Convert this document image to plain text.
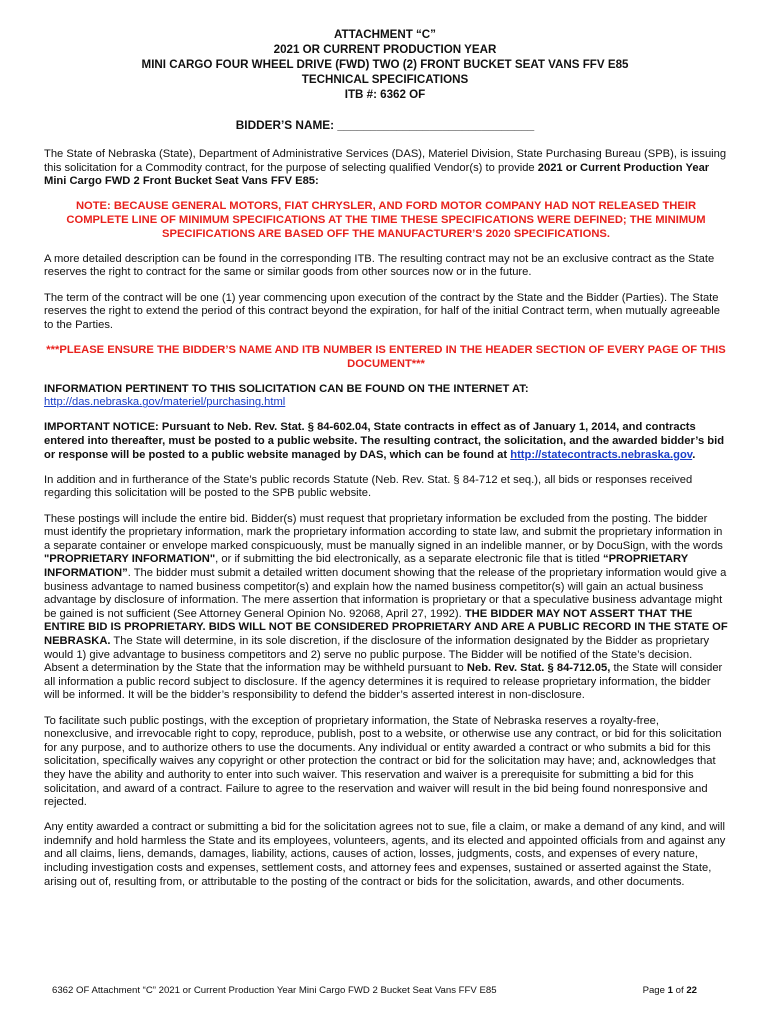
ATTACHMENT “C”
2021 OR CURRENT PRODUCTION YEAR
MINI CARGO FOUR WHEEL DRIVE (FWD) TWO (2) FRONT BUCKET SEAT VANS FFV E85
TECHNICAL SPECIFICATIONS
ITB #: 6362 OF
BIDDER’S NAME: ______________________________

The State of Nebraska (State), Department of Administrative Services (DAS), Materiel Division, State Purchasing Bureau (SPB), is issuing this solicitation for a Commodity contract, for the purpose of selecting qualified Vendor(s) to provide 2021 or Current Production Year Mini Cargo FWD 2 Front Bucket Seat Vans FFV E85:

NOTE: BECAUSE GENERAL MOTORS, FIAT CHRYSLER, AND FORD MOTOR COMPANY HAD NOT RELEASED THEIR COMPLETE LINE OF MINIMUM SPECIFICATIONS AT THE TIME THESE SPECIFICATIONS WERE DEFINED; THE MINIMUM SPECIFICATIONS ARE BASED OFF THE MANUFACTURER’S 2020 SPECIFICATIONS.

A more detailed description can be found in the corresponding ITB. The resulting contract may not be an exclusive contract as the State reserves the right to contract for the same or similar goods from other sources now or in the future.

The term of the contract will be one (1) year commencing upon execution of the contract by the State and the Bidder (Parties). The State reserves the right to extend the period of this contract beyond the expiration, for half of the initial Contract term, when mutually agreeable to the Parties.

***PLEASE ENSURE THE BIDDER’S NAME AND ITB NUMBER IS ENTERED IN THE HEADER SECTION OF EVERY PAGE OF THIS DOCUMENT***

INFORMATION PERTINENT TO THIS SOLICITATION CAN BE FOUND ON THE INTERNET AT:
http://das.nebraska.gov/materiel/purchasing.html

IMPORTANT NOTICE: Pursuant to Neb. Rev. Stat. § 84-602.04, State contracts in effect as of January 1, 2014, and contracts entered into thereafter, must be posted to a public website. The resulting contract, the solicitation, and the awarded bidder’s bid or response will be posted to a public website managed by DAS, which can be found at http://statecontracts.nebraska.gov.

In addition and in furtherance of the State’s public records Statute (Neb. Rev. Stat. § 84-712 et seq.), all bids or responses received regarding this solicitation will be posted to the SPB public website.

These postings will include the entire bid. Bidder(s) must request that proprietary information be excluded from the posting. The bidder must identify the proprietary information, mark the proprietary information according to state law, and submit the proprietary information in a separate container or envelope marked conspicuously, must be manually signed in an indelible manner, or by DocuSign, with the words "PROPRIETARY INFORMATION", or if submitting the bid electronically, as a separate electronic file that is titled “PROPRIETARY INFORMATION”. The bidder must submit a detailed written document showing that the release of the proprietary information would give a business advantage to named business competitor(s) and explain how the named business competitor(s) will gain an actual business advantage by disclosure of information. The mere assertion that information is proprietary or that a speculative business advantage might be gained is not sufficient (See Attorney General Opinion No. 92068, April 27, 1992). THE BIDDER MAY NOT ASSERT THAT THE ENTIRE BID IS PROPRIETARY. BIDS WILL NOT BE CONSIDERED PROPRIETARY AND ARE A PUBLIC RECORD IN THE STATE OF NEBRASKA. The State will determine, in its sole discretion, if the disclosure of the information designated by the Bidder as proprietary would 1) give advantage to business competitors and 2) serve no public purpose. The Bidder will be notified of the State’s decision. Absent a determination by the State that the information may be withheld pursuant to Neb. Rev. Stat. § 84-712.05, the State will consider all information a public record subject to disclosure. If the agency determines it is required to release proprietary information, the bidder will be informed. It will be the bidder’s responsibility to defend the bidder’s asserted interest in non-disclosure.

To facilitate such public postings, with the exception of proprietary information, the State of Nebraska reserves a royalty-free, nonexclusive, and irrevocable right to copy, reproduce, publish, post to a website, or otherwise use any contract, or bid for this solicitation for any purpose, and to authorize others to use the documents. Any individual or entity awarded a contract or who submits a bid for this solicitation, specifically waives any copyright or other protection the contract or bid for the solicitation may have; and, acknowledges that they have the ability and authority to enter into such waiver. This reservation and waiver is a prerequisite for submitting a bid for this solicitation, and award of a contract. Failure to agree to the reservation and waiver will result in the bid being found nonresponsive and rejected.

Any entity awarded a contract or submitting a bid for the solicitation agrees not to sue, file a claim, or make a demand of any kind, and will indemnify and hold harmless the State and its employees, volunteers, agents, and its elected and appointed officials from and against any and all claims, liens, demands, damages, liability, actions, causes of action, losses, judgments, costs, and expenses of every nature, including investigation costs and expenses, settlement costs, and attorney fees and expenses, sustained or asserted against the State, arising out of, resulting from, or attributable to the posting of the contract or bids for the solicitation, awards, and other documents.

6362 OF Attachment “C” 2021 or Current Production Year Mini Cargo FWD 2 Bucket Seat Vans FFV E85	Page 1 of 22
